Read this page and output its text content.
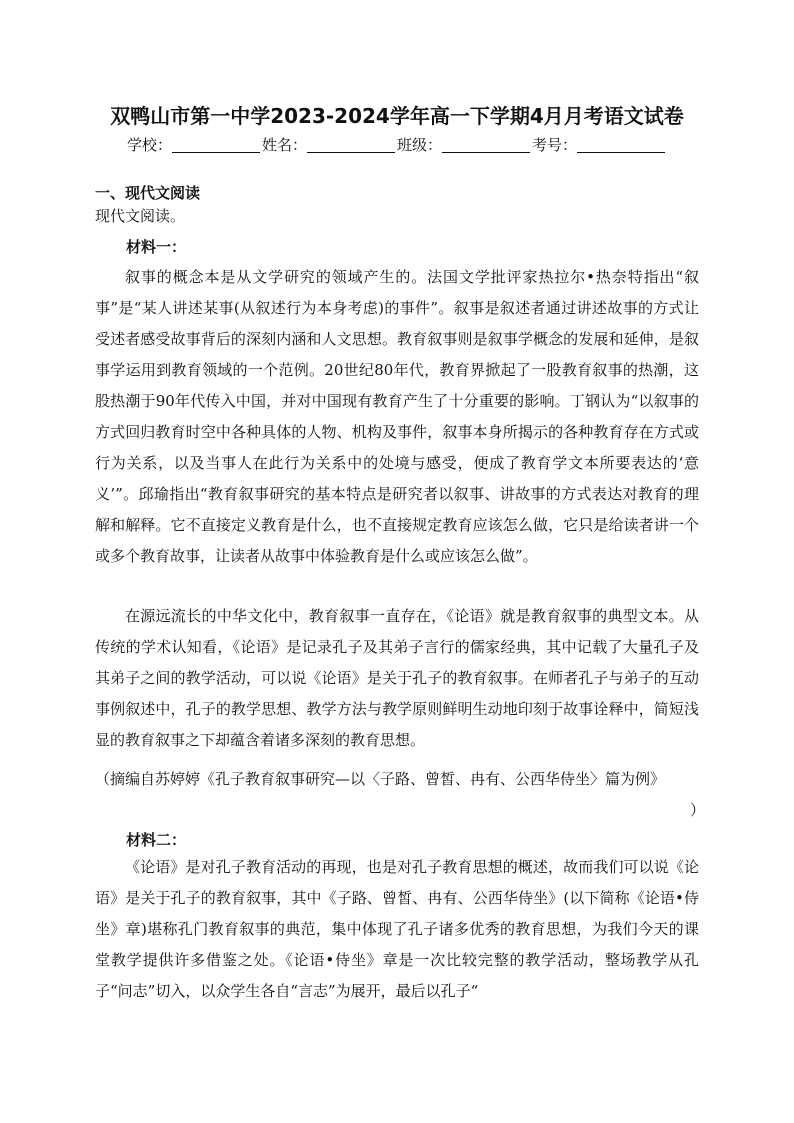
双鸭山市第一中学2023-2024学年高一下学期4月月考语文试卷
学校：	姓名：	班级：	考号：
一、现代文阅读
现代文阅读。
材料一：

叙事的概念本是从文学研究的领域产生的。法国文学批评家热拉尔•热奈特指出“叙事”是“某人讲述某事(从叙述行为本身考虑)的事件”。叙事是叙述者通过讲述故事的方式让受述者感受故事背后的深刻内涵和人文思想。教育叙事则是叙事学概念的发展和延伸，是叙事学运用到教育领域的一个范例。20世纪80年代，教育界掀起了一股教育叙事的热潮，这股热潮于90年代传入中国，并对中国现有教育产生了十分重要的影响。丁钢认为“以叙事的方式回归教育时空中各种具体的人物、机构及事件，叙事本身所揭示的各种教育存在方式或行为关系，以及当事人在此行为关系中的处境与感受，便成了教育学文本所要表达的‘意义’”。邱瑜指出“教育叙事研究的基本特点是研究者以叙事、讲故事的方式表达对教育的理解和解释。它不直接定义教育是什么，也不直接规定教育应该怎么做，它只是给读者讲一个或多个教育故事，让读者从故事中体验教育是什么或应该怎么做”。

在源远流长的中华文化中，教育叙事一直存在，《论语》就是教育叙事的典型文本。从传统的学术认知看，《论语》是记录孔子及其弟子言行的儒家经典，其中记载了大量孔子及其弟子之间的教学活动，可以说《论语》是关于孔子的教育叙事。在师者孔子与弟子的互动事例叙述中，孔子的教学思想、教学方法与教学原则鲜明生动地印刻于故事诠释中，简短浅显的教育叙事之下却蕴含着诸多深刻的教育思想。

（摘编自苏婷婷《孔子教育叙事研究—以〈子路、曾皙、冉有、公西华侍坐〉篇为例》
）
材料二：

《论语》是对孔子教育活动的再现，也是对孔子教育思想的概述，故而我们可以说《论语》是关于孔子的教育叙事，其中《子路、曾皙、冉有、公西华侍坐》(以下简称《论语•侍坐》章)堪称孔门教育叙事的典范，集中体现了孔子诸多优秀的教育思想，为我们今天的课堂教学提供许多借鉴之处。《论语•侍坐》章是一次比较完整的教学活动，整场教学从孔子“问志”切入，以众学生各自“言志”为展开，最后以孔子“
